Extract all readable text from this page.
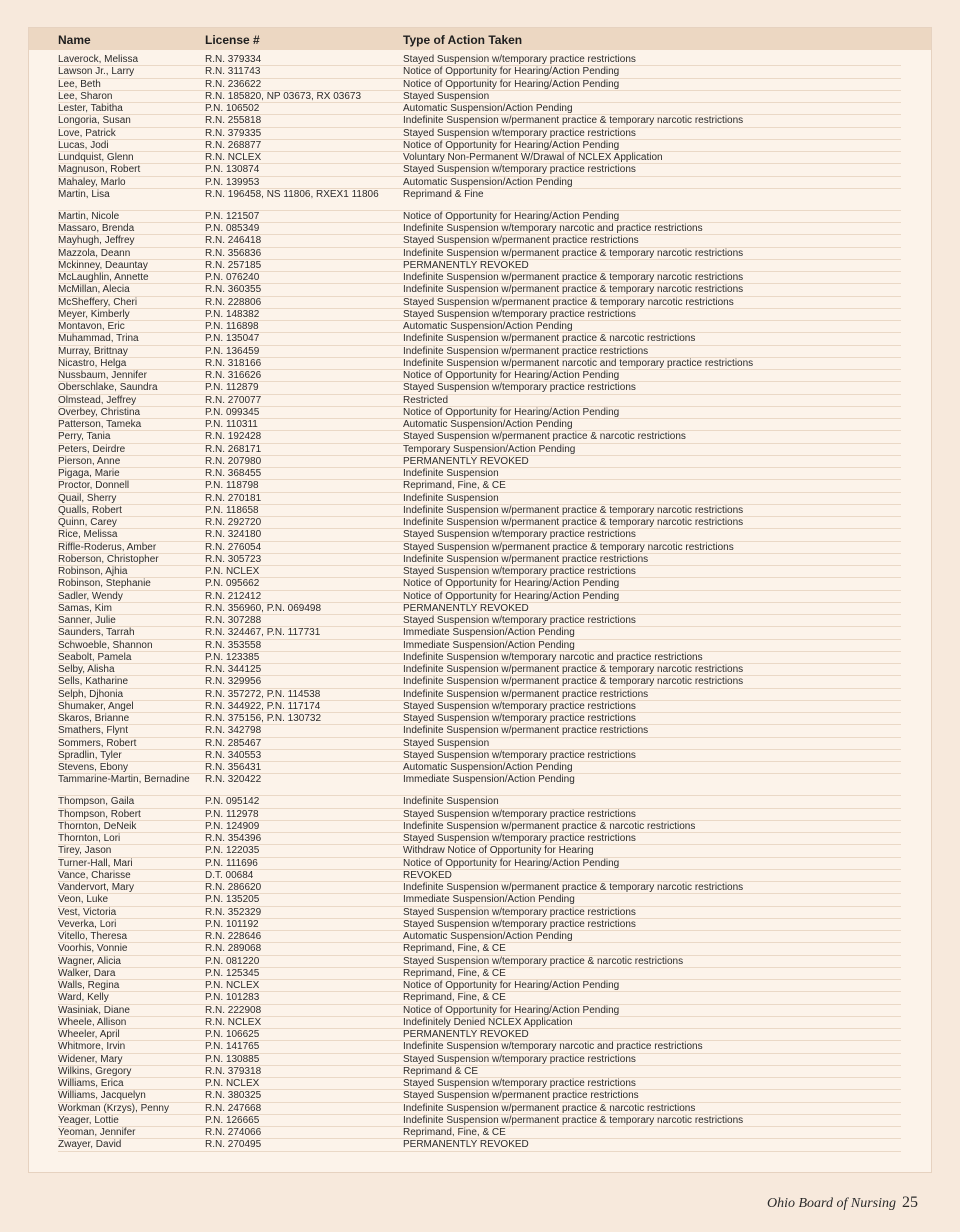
Name	License #	Type of Action Taken
Laverock, Melissa	R.N. 379334	Stayed Suspension w/temporary practice restrictions
Lawson Jr., Larry	R.N. 311743	Notice of Opportunity for Hearing/Action Pending
Lee, Beth	R.N. 236622	Notice of Opportunity for Hearing/Action Pending
Lee, Sharon	R.N. 185820, NP 03673, RX 03673	Stayed Suspension
Lester, Tabitha	P.N. 106502	Automatic Suspension/Action Pending
Longoria, Susan	R.N. 255818	Indefinite Suspension w/permanent practice & temporary narcotic restrictions
Love, Patrick	R.N. 379335	Stayed Suspension w/temporary practice restrictions
Lucas, Jodi	R.N. 268877	Notice of Opportunity for Hearing/Action Pending
Lundquist, Glenn	R.N. NCLEX	Voluntary Non-Permanent W/Drawal of NCLEX Application
Magnuson, Robert	P.N. 130874	Stayed Suspension w/temporary practice restrictions
Mahaley, Marlo	P.N. 139953	Automatic Suspension/Action Pending
Martin, Lisa	R.N. 196458, NS 11806, RXEX1 11806	Reprimand & Fine
Martin, Nicole	P.N. 121507	Notice of Opportunity for Hearing/Action Pending
Massaro, Brenda	P.N. 085349	Indefinite Suspension w/temporary narcotic and practice restrictions
Mayhugh, Jeffrey	R.N. 246418	Stayed Suspension w/permanent practice restrictions
Mazzola, Deann	R.N. 356836	Indefinite Suspension w/permanent practice & temporary narcotic restrictions
Mckinney, Deauntay	R.N. 257185	PERMANENTLY REVOKED
McLaughlin, Annette	P.N. 076240	Indefinite Suspension w/permanent practice & temporary narcotic restrictions
McMillan, Alecia	R.N. 360355	Indefinite Suspension w/permanent practice & temporary narcotic restrictions
McSheffery, Cheri	R.N. 228806	Stayed Suspension w/permanent practice & temporary narcotic restrictions
Meyer, Kimberly	P.N. 148382	Stayed Suspension w/temporary practice restrictions
Montavon, Eric	P.N. 116898	Automatic Suspension/Action Pending
Muhammad, Trina	P.N. 135047	Indefinite Suspension w/permanent practice & narcotic restrictions
Murray, Brittnay	P.N. 136459	Indefinite Suspension w/permanent practice restrictions
Nicastro, Helga	R.N. 318166	Indefinite Suspension w/permanent narcotic and temporary practice restrictions
Nussbaum, Jennifer	R.N. 316626	Notice of Opportunity for Hearing/Action Pending
Oberschlake, Saundra	P.N. 112879	Stayed Suspension w/temporary practice restrictions
Olmstead, Jeffrey	R.N. 270077	Restricted
Overbey, Christina	P.N. 099345	Notice of Opportunity for Hearing/Action Pending
Patterson, Tameka	P.N. 110311	Automatic Suspension/Action Pending
Perry, Tania	R.N. 192428	Stayed Suspension w/permanent practice & narcotic restrictions
Peters, Deirdre	R.N. 268171	Temporary Suspension/Action Pending
Pierson, Anne	R.N. 207980	PERMANENTLY REVOKED
Pigaga, Marie	R.N. 368455	Indefinite Suspension
Proctor, Donnell	P.N. 118798	Reprimand, Fine, & CE
Quail, Sherry	R.N. 270181	Indefinite Suspension
Qualls, Robert	P.N. 118658	Indefinite Suspension w/permanent practice & temporary narcotic restrictions
Quinn, Carey	R.N. 292720	Indefinite Suspension w/permanent practice & temporary narcotic restrictions
Rice, Melissa	R.N. 324180	Stayed Suspension w/temporary practice restrictions
Riffle-Roderus, Amber	R.N. 276054	Stayed Suspension w/permanent practice & temporary narcotic restrictions
Roberson, Christopher	R.N. 305723	Indefinite Suspension w/permanent practice restrictions
Robinson, Ajhia	P.N. NCLEX	Stayed Suspension w/temporary practice restrictions
Robinson, Stephanie	P.N. 095662	Notice of Opportunity for Hearing/Action Pending
Sadler, Wendy	R.N. 212412	Notice of Opportunity for Hearing/Action Pending
Samas, Kim	R.N. 356960, P.N. 069498	PERMANENTLY REVOKED
Sanner, Julie	R.N. 307288	Stayed Suspension w/temporary practice restrictions
Saunders, Tarrah	R.N. 324467, P.N. 117731	Immediate Suspension/Action Pending
Schwoeble, Shannon	R.N. 353558	Immediate Suspension/Action Pending
Seabolt, Pamela	P.N. 123385	Indefinite Suspension w/temporary narcotic and practice restrictions
Selby, Alisha	R.N. 344125	Indefinite Suspension w/permanent practice & temporary narcotic restrictions
Sells, Katharine	R.N. 329956	Indefinite Suspension w/permanent practice & temporary narcotic restrictions
Selph, Djhonia	R.N. 357272, P.N. 114538	Indefinite Suspension w/permanent practice restrictions
Shumaker, Angel	R.N. 344922, P.N. 117174	Stayed Suspension w/temporary practice restrictions
Skaros, Brianne	R.N. 375156, P.N. 130732	Stayed Suspension w/temporary practice restrictions
Smathers, Flynt	R.N. 342798	Indefinite Suspension w/permanent practice restrictions
Sommers, Robert	R.N. 285467	Stayed Suspension
Spradlin, Tyler	R.N. 340553	Stayed Suspension w/temporary practice restrictions
Stevens, Ebony	R.N. 356431	Automatic Suspension/Action Pending
Tammarine-Martin, Bernadine	R.N. 320422	Immediate Suspension/Action Pending
Thompson, Gaila	P.N. 095142	Indefinite Suspension
Thompson, Robert	P.N. 112978	Stayed Suspension w/temporary practice restrictions
Thornton, DeNeik	P.N. 124909	Indefinite Suspension w/permanent practice & narcotic restrictions
Thornton, Lori	R.N. 354396	Stayed Suspension w/temporary practice restrictions
Tirey, Jason	P.N. 122035	Withdraw Notice of Opportunity for Hearing
Turner-Hall, Mari	P.N. 111696	Notice of Opportunity for Hearing/Action Pending
Vance, Charisse	D.T. 00684	REVOKED
Vandervort, Mary	R.N. 286620	Indefinite Suspension w/permanent practice & temporary narcotic restrictions
Veon, Luke	P.N. 135205	Immediate Suspension/Action Pending
Vest, Victoria	R.N. 352329	Stayed Suspension w/temporary practice restrictions
Veverka, Lori	P.N. 101192	Stayed Suspension w/temporary practice restrictions
Vitello, Theresa	R.N. 228646	Automatic Suspension/Action Pending
Voorhis, Vonnie	R.N. 289068	Reprimand, Fine, & CE
Wagner, Alicia	P.N. 081220	Stayed Suspension w/temporary practice & narcotic restrictions
Walker, Dara	P.N. 125345	Reprimand, Fine, & CE
Walls, Regina	P.N. NCLEX	Notice of Opportunity for Hearing/Action Pending
Ward, Kelly	P.N. 101283	Reprimand, Fine, & CE
Wasiniak, Diane	R.N. 222908	Notice of Opportunity for Hearing/Action Pending
Wheele, Allison	R.N. NCLEX	Indefinitely Denied NCLEX Application
Wheeler, April	P.N. 106625	PERMANENTLY REVOKED
Whitmore, Irvin	P.N. 141765	Indefinite Suspension w/temporary narcotic and practice restrictions
Widener, Mary	P.N. 130885	Stayed Suspension w/temporary practice restrictions
Wilkins, Gregory	R.N. 379318	Reprimand & CE
Williams, Erica	P.N. NCLEX	Stayed Suspension w/temporary practice restrictions
Williams, Jacquelyn	R.N. 380325	Stayed Suspension w/permanent practice restrictions
Workman (Krzys), Penny	R.N. 247668	Indefinite Suspension w/permanent practice & narcotic restrictions
Yeager, Lottie	P.N. 126665	Indefinite Suspension w/permanent practice & temporary narcotic restrictions
Yeoman, Jennifer	R.N. 274066	Reprimand, Fine, & CE
Zwayer, David	R.N. 270495	PERMANENTLY REVOKED
Ohio Board of Nursing 25
